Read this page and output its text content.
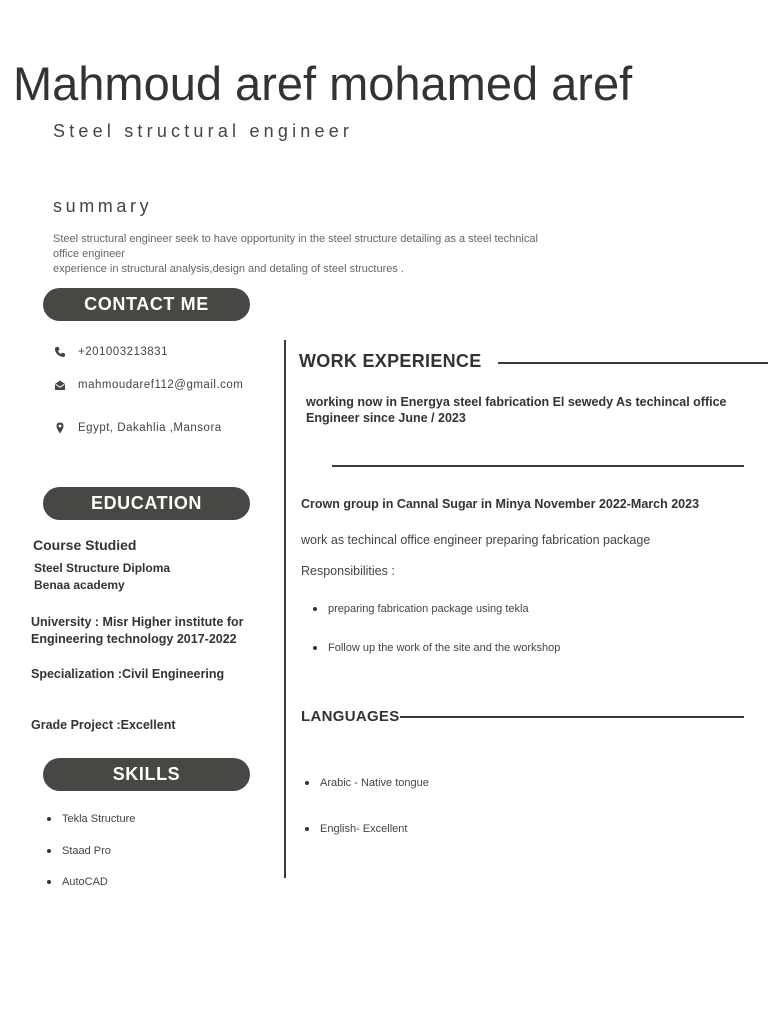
Mahmoud aref mohamed aref
Steel structural engineer
summary
Steel structural engineer seek to have opportunity in the steel structure detailing as a steel technical
office engineer
experience in structural analysis,design and detaling of steel structures .
CONTACT ME
+201003213831
mahmoudaref112@gmail.com
Egypt, Dakahlia ,Mansora
EDUCATION
Course Studied
Steel Structure Diploma
Benaa academy
University : Misr Higher institute for
Engineering technology 2017-2022
Specialization :Civil Engineering
Grade Project :Excellent
SKILLS
Tekla Structure
Staad Pro
AutoCAD
WORK EXPERIENCE
working now in Energya steel fabrication El sewedy As techincal office
Engineer since June / 2023
Crown group in Cannal Sugar in Minya November 2022-March 2023
work as techincal office engineer preparing fabrication package
Responsibilities :
preparing fabrication package using tekla
Follow up the work of the site and the workshop
LANGUAGES
Arabic - Native tongue
English- Excellent
